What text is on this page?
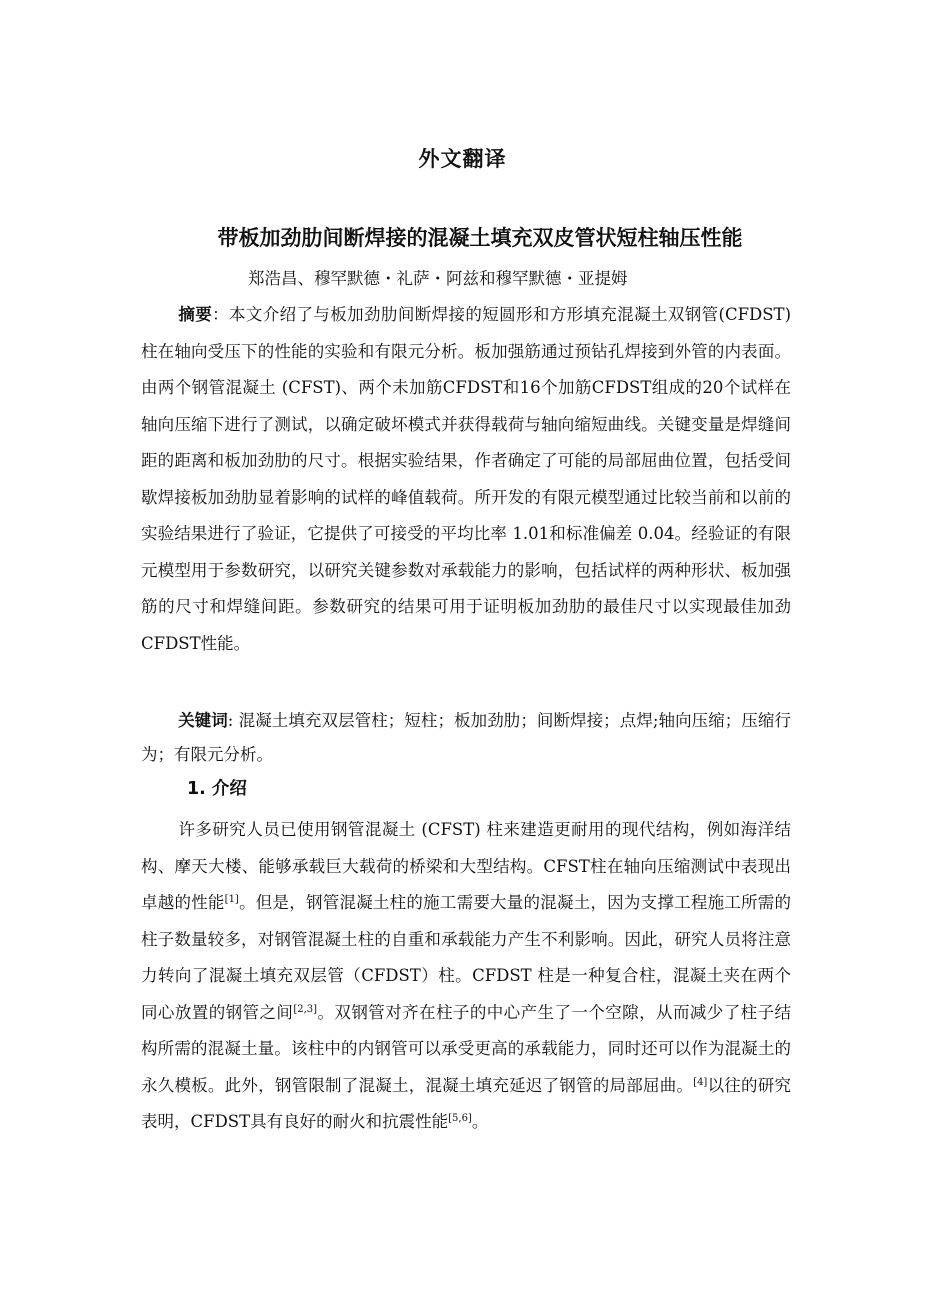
外文翻译
带板加劲肋间断焊接的混凝土填充双皮管状短柱轴压性能
郑浩昌、穆罕默德・礼萨・阿兹和穆罕默德・亚提姆
摘要：本文介绍了与板加劲肋间断焊接的短圆形和方形填充混凝土双钢管(CFDST) 柱在轴向受压下的性能的实验和有限元分析。板加强筋通过预钻孔焊接到外管的内表面。由两个钢管混凝土 (CFST)、两个未加筋CFDST和16个加筋CFDST组成的20个试样在轴向压缩下进行了测试，以确定破坏模式并获得载荷与轴向缩短曲线。关键变量是焊缝间距的距离和板加劲肋的尺寸。根据实验结果，作者确定了可能的局部屈曲位置，包括受间歇焊接板加劲肋显着影响的试样的峰值载荷。所开发的有限元模型通过比较当前和以前的实验结果进行了验证，它提供了可接受的平均比率 1.01和标准偏差 0.04。经验证的有限元模型用于参数研究，以研究关键参数对承载能力的影响，包括试样的两种形状、板加强筋的尺寸和焊缝间距。参数研究的结果可用于证明板加劲肋的最佳尺寸以实现最佳加劲CFDST性能。
关键词: 混凝土填充双层管柱；短柱；板加劲肋；间断焊接；点焊;轴向压缩；压缩行为；有限元分析。
1. 介绍
许多研究人员已使用钢管混凝土 (CFST) 柱来建造更耐用的现代结构，例如海洋结构、摩天大楼、能够承载巨大载荷的桥梁和大型结构。CFST柱在轴向压缩测试中表现出卓越的性能[1]。但是，钢管混凝土柱的施工需要大量的混凝土，因为支撑工程施工所需的柱子数量较多，对钢管混凝土柱的自重和承载能力产生不利影响。因此，研究人员将注意力转向了混凝土填充双层管（CFDST）柱。CFDST 柱是一种复合柱，混凝土夹在两个同心放置的钢管之间[2,3]。双钢管对齐在柱子的中心产生了一个空隙，从而减少了柱子结构所需的混凝土量。该柱中的内钢管可以承受更高的承载能力，同时还可以作为混凝土的永久模板。此外，钢管限制了混凝土，混凝土填充延迟了钢管的局部屈曲。[4]以往的研究表明，CFDST具有良好的耐火和抗震性能[5,6]。
